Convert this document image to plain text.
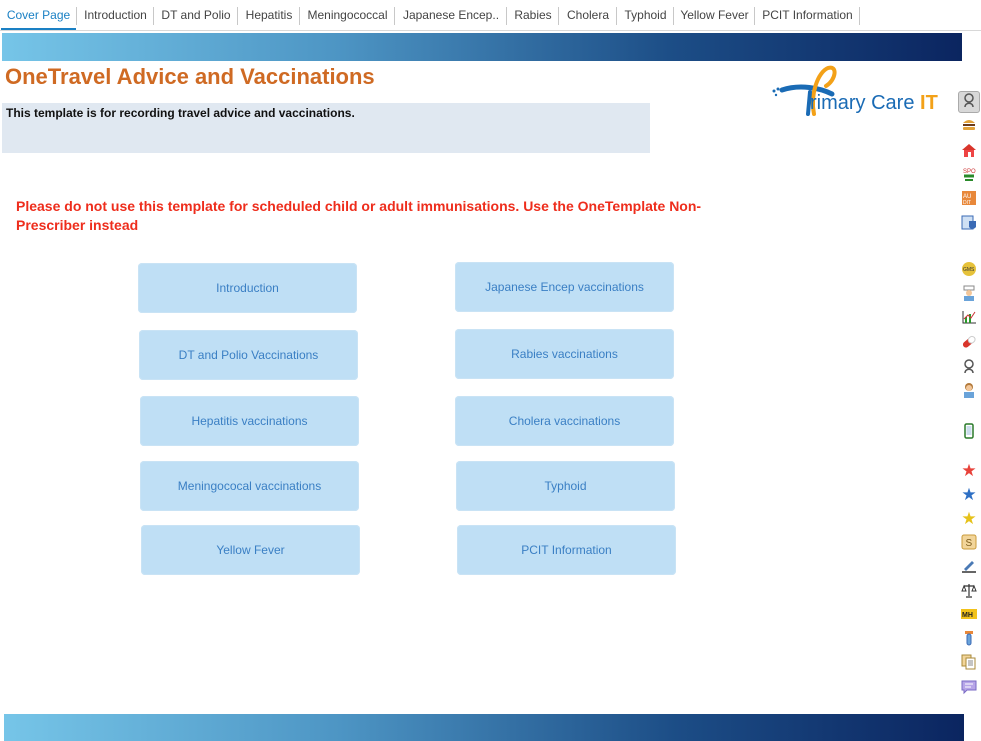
Cover Page	Introduction	DT and Polio	Hepatitis	Meningococcal	Japanese Encep..	Rabies	Cholera	Typhoid	Yellow Fever	PCIT Information
OneTravel Advice and Vaccinations
rimary Care IT
This template is for recording travel advice and vaccinations.
Please do not use this template for scheduled child or adult immunisations. Use the OneTemplate Non-Prescriber instead
Introduction
DT and Polio Vaccinations
Hepatitis vaccinations
Meningococal vaccinations
Yellow Fever
Japanese Encep vaccinations
Rabies vaccinations
Cholera vaccinations
Typhoid
PCIT Information
SPO
AU
DIT
GMS
★
★
★
S
MH
